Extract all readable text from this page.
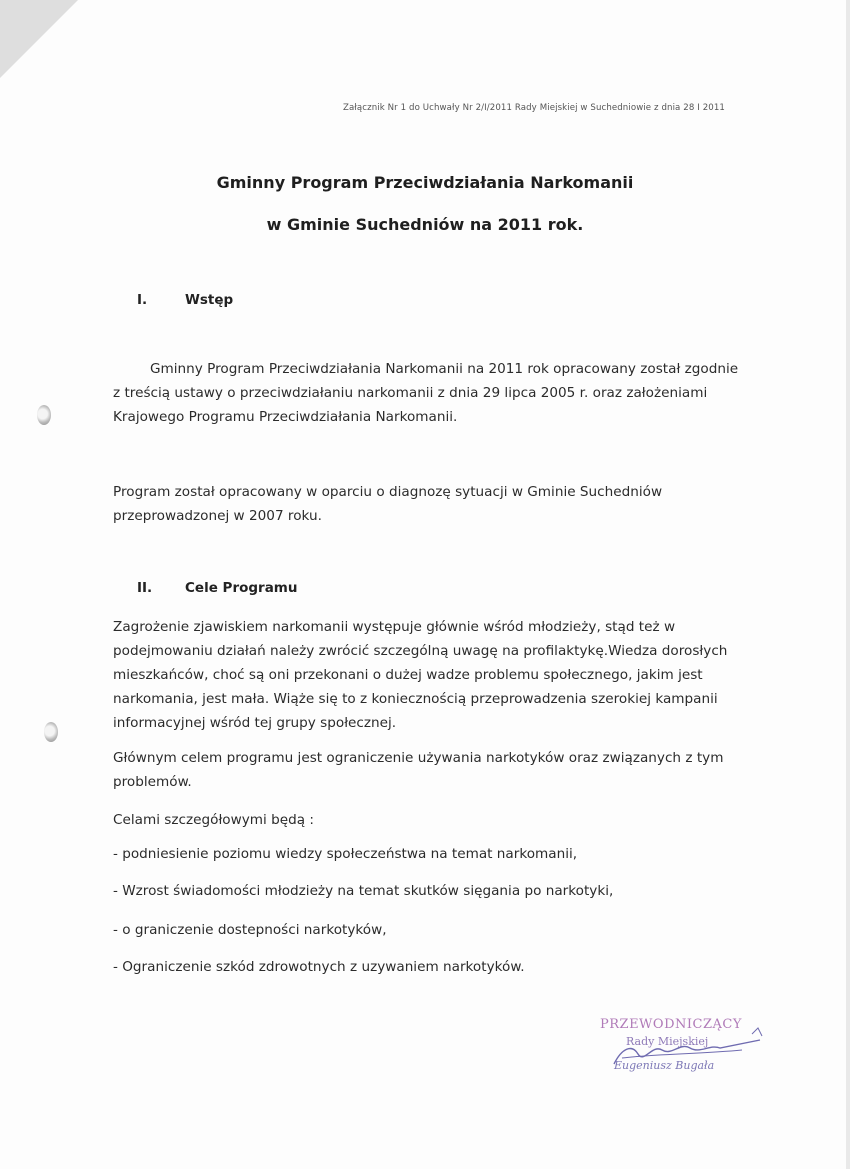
Załącznik Nr 1 do Uchwały Nr 2/I/2011 Rady Miejskiej w Suchedniowie z dnia 28 I 2011
Gminny Program Przeciwdziałania Narkomanii
w Gminie Suchedniów na 2011 rok.
I.	Wstęp
Gminny Program Przeciwdziałania Narkomanii na 2011 rok opracowany został zgodnie z treścią ustawy o przeciwdziałaniu narkomanii z dnia 29 lipca 2005 r. oraz założeniami Krajowego Programu Przeciwdziałania Narkomanii.
Program został opracowany w oparciu o diagnozę sytuacji w Gminie Suchedniów przeprowadzonej w 2007 roku.
II. Cele Programu
Zagrożenie zjawiskiem narkomanii występuje głównie wśród młodzieży, stąd też w podejmowaniu działań należy zwrócić szczególną uwagę na profilaktykę.Wiedza dorosłych mieszkańców, choć są oni przekonani o dużej wadze problemu społecznego, jakim jest narkomania, jest mała. Wiąże się to z koniecznością przeprowadzenia szerokiej kampanii informacyjnej wśród tej grupy społecznej.
Głównym celem programu jest ograniczenie używania narkotyków oraz związanych z tym problemów.
Celami szczegółowymi będą :
- podniesienie poziomu wiedzy społeczeństwa na temat narkomanii,
- Wzrost świadomości młodzieży na temat skutków sięgania po narkotyki,
- o graniczenie dostepności narkotyków,
- Ograniczenie szkód zdrowotnych z uzywaniem narkotyków.
PRZEWODNICZĄCY
Rady Miejskiej
Eugeniusz Bugała
